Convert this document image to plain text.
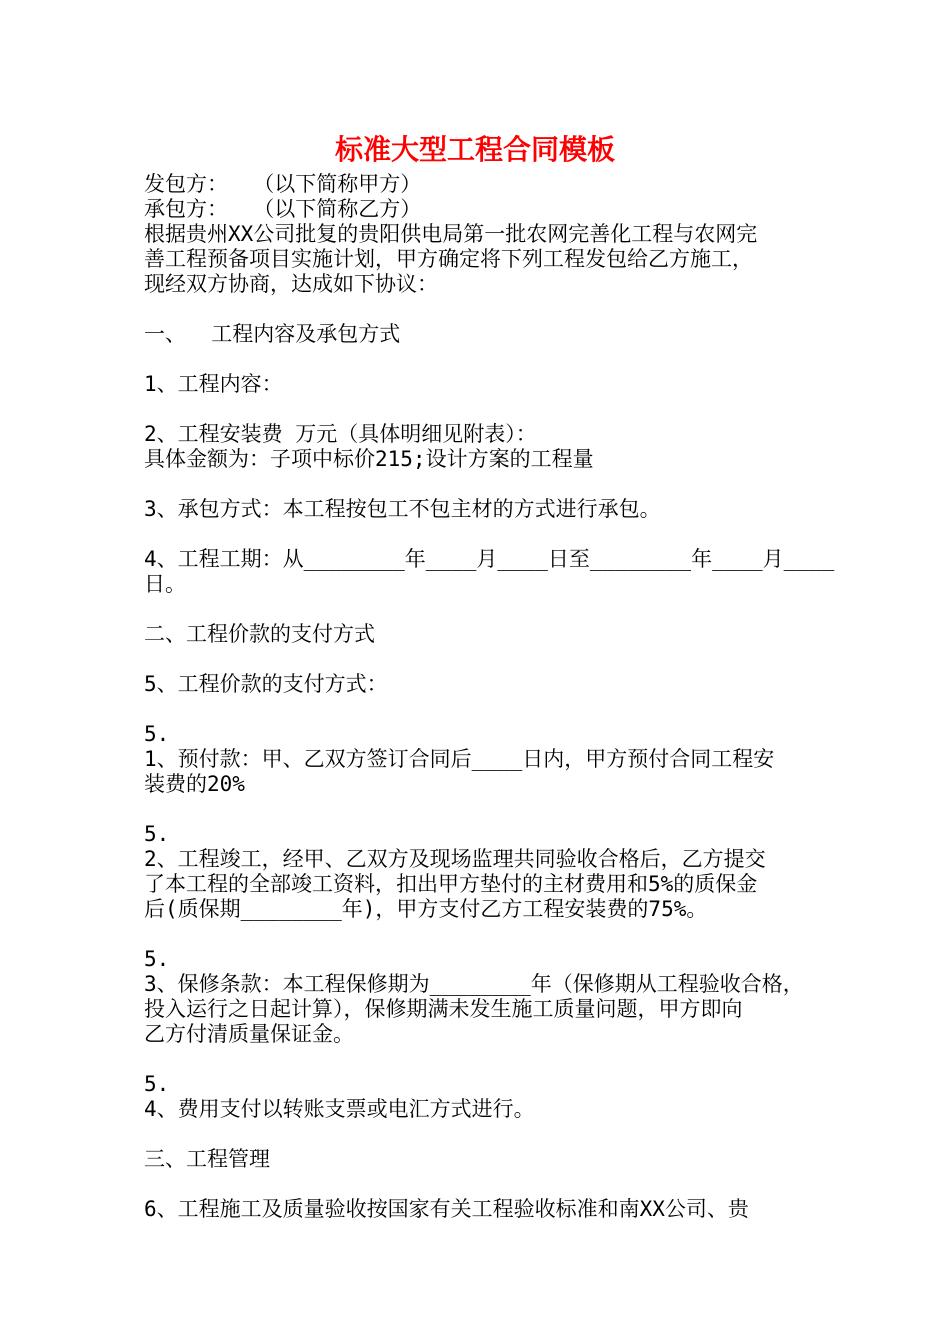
标准大型工程合同模板
发包方：  （以下简称甲方）
承包方：  （以下简称乙方）
根据贵州XX公司批复的贵阳供电局第一批农网完善化工程与农网完
善工程预备项目实施计划，甲方确定将下列工程发包给乙方施工，
现经双方协商，达成如下协议：
一、  工程内容及承包方式
1、工程内容：
2、工程安装费 万元（具体明细见附表）：
具体金额为：子项中标价215;设计方案的工程量
3、承包方式：本工程按包工不包主材的方式进行承包。
4、工程工期：从________年____月____日至________年____月____
日。
二、工程价款的支付方式
5、工程价款的支付方式：
5.
1、预付款：甲、乙双方签订合同后____日内，甲方预付合同工程安
装费的20%
5.
2、工程竣工，经甲、乙双方及现场监理共同验收合格后，乙方提交
了本工程的全部竣工资料，扣出甲方垫付的主材费用和5%的质保金
后(质保期________年)，甲方支付乙方工程安装费的75%。
5.
3、保修条款：本工程保修期为________年（保修期从工程验收合格，
投入运行之日起计算），保修期满未发生施工质量问题，甲方即向
乙方付清质量保证金。
5.
4、费用支付以转账支票或电汇方式进行。
三、工程管理
6、工程施工及质量验收按国家有关工程验收标准和南XX公司、贵
